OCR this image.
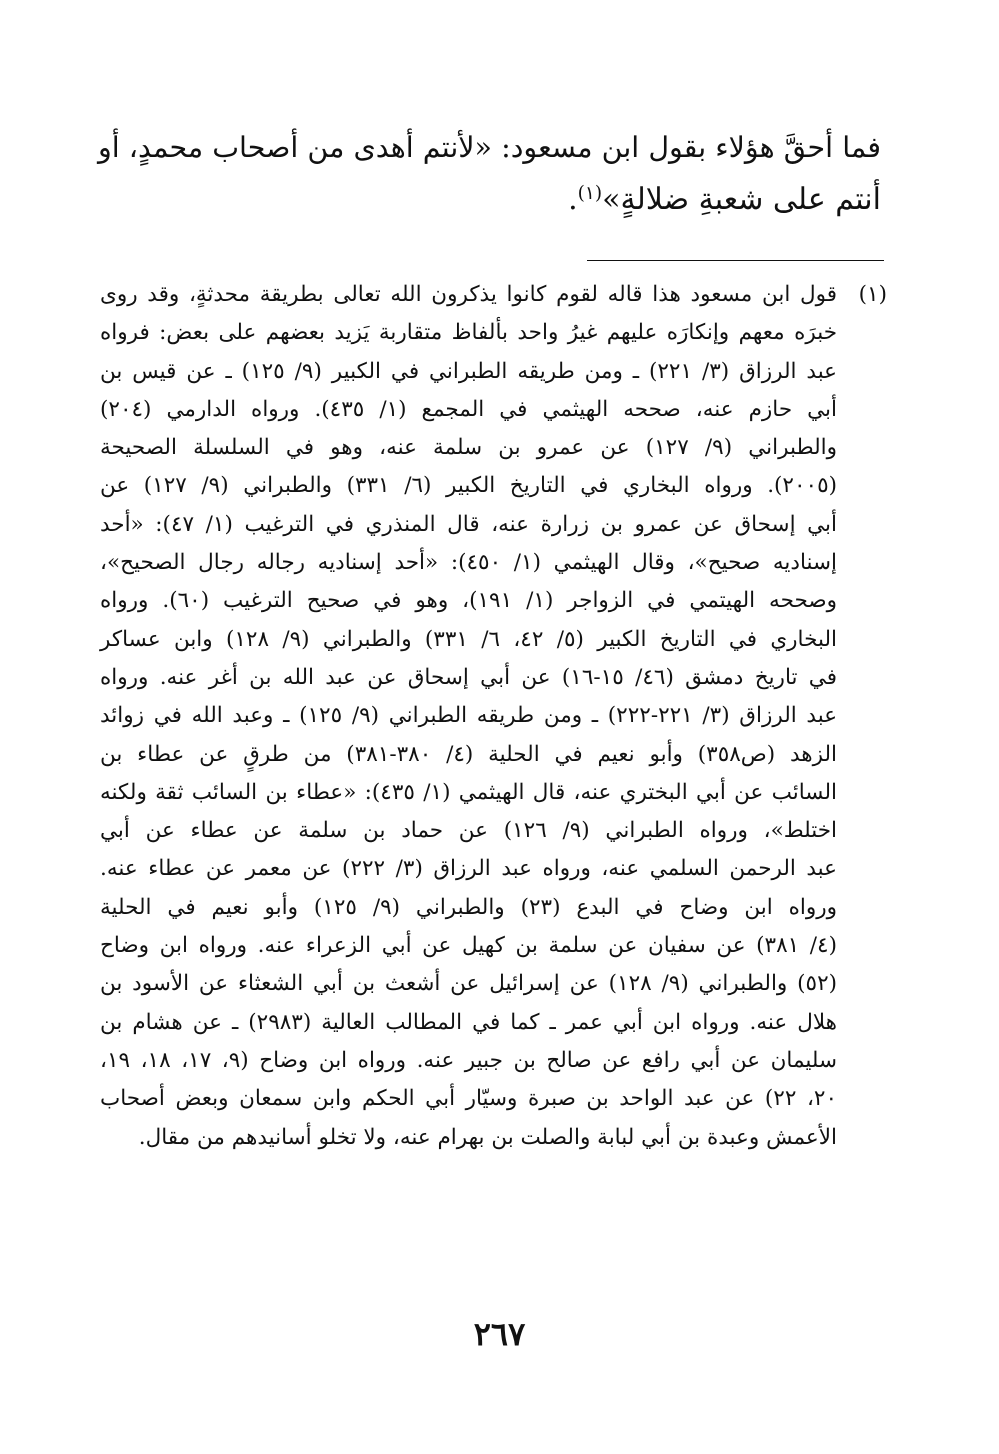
فما أحقَّ هؤلاء بقول ابن مسعود: «لأنتم أهدى من أصحاب محمدٍ، أو
أنتم على شعبةِ ضلالةٍ»$^{(١)}$.

(١)
قول ابن مسعود هذا قاله لقوم كانوا يذكرون الله تعالى بطريقة محدثةٍ، وقد روى
خبرَه معهم وإنكارَه عليهم غيرُ واحد بألفاظ متقاربة يَزيد بعضهم على بعض: فرواه
عبد الرزاق (٣/ ٢٢١) ـ ومن طريقه الطبراني في الكبير (٩/ ١٢٥) ـ عن قيس بن
أبي حازم عنه، صححه الهيثمي في المجمع (١/ ٤٣٥). ورواه الدارمي (٢٠٤)
والطبراني (٩/ ١٢٧) عن عمرو بن سلمة عنه، وهو في السلسلة الصحيحة
(٢٠٠٥). ورواه البخاري في التاريخ الكبير (٦/ ٣٣١) والطبراني (٩/ ١٢٧) عن
أبي إسحاق عن عمرو بن زرارة عنه، قال المنذري في الترغيب (١/ ٤٧): «أحد
إسناديه صحيح»، وقال الهيثمي (١/ ٤٥٠): «أحد إسناديه رجاله رجال الصحيح»،
وصححه الهيتمي في الزواجر (١/ ١٩١)، وهو في صحيح الترغيب (٦٠). ورواه
البخاري في التاريخ الكبير (٥/ ٤٢، ٦/ ٣٣١) والطبراني (٩/ ١٢٨) وابن عساكر
في تاريخ دمشق (٤٦/ ١٥-١٦) عن أبي إسحاق عن عبد الله بن أغر عنه. ورواه
عبد الرزاق (٣/ ٢٢١-٢٢٢) ـ ومن طريقه الطبراني (٩/ ١٢٥) ـ وعبد الله في زوائد
الزهد (ص٣٥٨) وأبو نعيم في الحلية (٤/ ٣٨٠-٣٨١) من طرقٍ عن عطاء بن
السائب عن أبي البختري عنه، قال الهيثمي (١/ ٤٣٥): «عطاء بن السائب ثقة ولكنه
اختلط»، ورواه الطبراني (٩/ ١٢٦) عن حماد بن سلمة عن عطاء عن أبي
عبد الرحمن السلمي عنه، ورواه عبد الرزاق (٣/ ٢٢٢) عن معمر عن عطاء عنه.
ورواه ابن وضاح في البدع (٢٣) والطبراني (٩/ ١٢٥) وأبو نعيم في الحلية
(٤/ ٣٨١) عن سفيان عن سلمة بن كهيل عن أبي الزعراء عنه. ورواه ابن وضاح
(٥٢) والطبراني (٩/ ١٢٨) عن إسرائيل عن أشعث بن أبي الشعثاء عن الأسود بن
هلال عنه. ورواه ابن أبي عمر ـ كما في المطالب العالية (٢٩٨٣) ـ عن هشام بن
سليمان عن أبي رافع عن صالح بن جبير عنه. ورواه ابن وضاح (٩، ١٧، ١٨، ١٩،
٢٠، ٢٢) عن عبد الواحد بن صبرة وسيّار أبي الحكم وابن سمعان وبعض أصحاب
الأعمش وعبدة بن أبي لبابة والصلت بن بهرام عنه، ولا تخلو أسانيدهم من مقال.
٢٦٧
